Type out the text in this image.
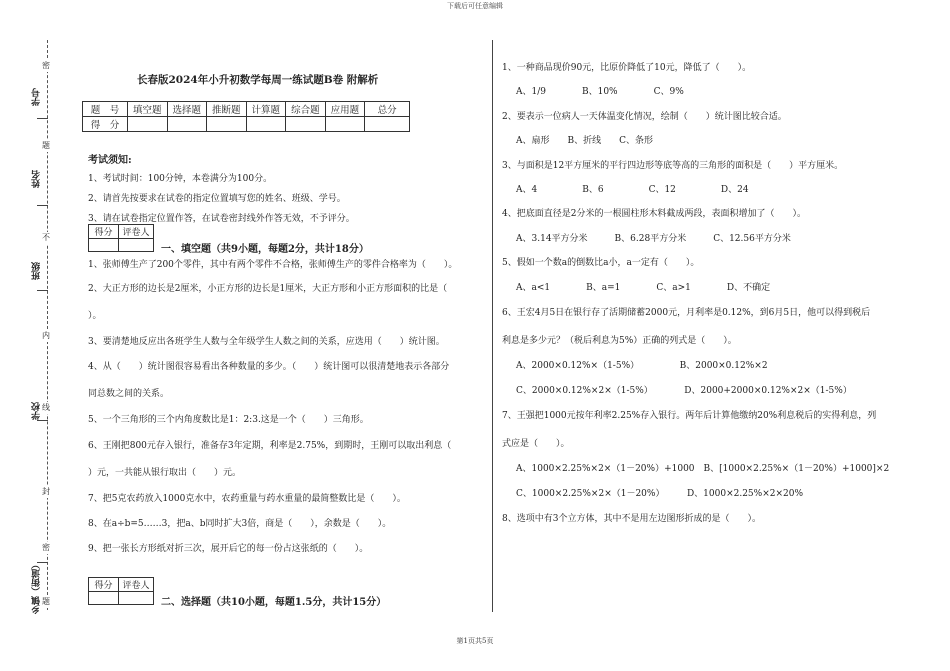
下载后可任意编辑
学号
姓名
班级
学校
乡镇（街道）
密
题
不
内
线
封
密
题
长春版2024年小升初数学每周一练试题B卷 附解析
题　号	填空题	选择题	推断题	计算题	综合题	应用题	总分
得　分							
考试须知:
1、考试时间：100分钟，本卷满分为100分。
2、请首先按要求在试卷的指定位置填写您的姓名、班级、学号。
3、请在试卷指定位置作答，在试卷密封线外作答无效，不予评分。
得分	评卷人

一、填空题（共9小题，每题2分，共计18分）
1、张师傅生产了200个零件，其中有两个零件不合格，张师傅生产的零件合格率为（　　）。
2、大正方形的边长是2厘米，小正方形的边长是1厘米，大正方形和小正方形面积的比是（
）。
3、要清楚地反应出各班学生人数与全年级学生人数之间的关系，应选用（　　）统计图。
4、从（　　）统计图很容易看出各种数量的多少。（　　）统计图可以很清楚地表示各部分
同总数之间的关系。
5、一个三角形的三个内角度数比是1：2:3.这是一个（　　）三角形。
6、王刚把800元存入银行，准备存3年定期，利率是2.75%，到期时，王刚可以取出利息（
）元，一共能从银行取出（　　）元。
7、把5克农药放入1000克水中，农药重量与药水重量的最简整数比是（　　）。
8、在a÷b=5……3，把a、b同时扩大3倍，商是（　　），余数是（　　）。
9、把一张长方形纸对折三次，展开后它的每一份占这张纸的（　　）。
得分	评卷人

二、选择题（共10小题，每题1.5分，共计15分）
1、一种商品现价90元，比原价降低了10元，降低了（　　）。
A、1/9　　　　B、10%　　　　C、9%
2、要表示一位病人一天体温变化情况，绘制（　　）统计图比较合适。
A、扇形　　B、折线　　C、条形
3、与面积是12平方厘米的平行四边形等底等高的三角形的面积是（　　）平方厘米。
A、4　　　　　B、6　　　　　C、12　　　　　D、24
4、把底面直径是2分米的一根圆柱形木料截成两段，表面积增加了（　　）。
A、3.14平方分米　　　B、6.28平方分米　　　C、12.56平方分米
5、假如一个数a的倒数比a小，a一定有（　　）。
A、a<1　　　　B、a=1　　　　C、a>1　　　　D、不确定
6、王宏4月5日在银行存了活期储蓄2000元，月利率是0.12%，到6月5日，他可以得到税后
利息是多少元？（税后利息为5%）正确的列式是（　　）。
A、2000×0.12%×（1-5%）　　　　　B、2000×0.12%×2
C、2000×0.12%×2×（1-5%）　　　　D、2000+2000×0.12%×2×（1-5%）
7、王强把1000元按年利率2.25%存入银行。两年后计算他缴纳20%利息税后的实得利息，列
式应是（　　）。
A、1000×2.25%×2×（1－20%）+1000　B、[1000×2.25%×（1－20%）+1000]×2
C、1000×2.25%×2×（1－20%）　　　D、1000×2.25%×2×20%
8、选项中有3个立方体，其中不是用左边图形折成的是（　　）。
第1页共5页
